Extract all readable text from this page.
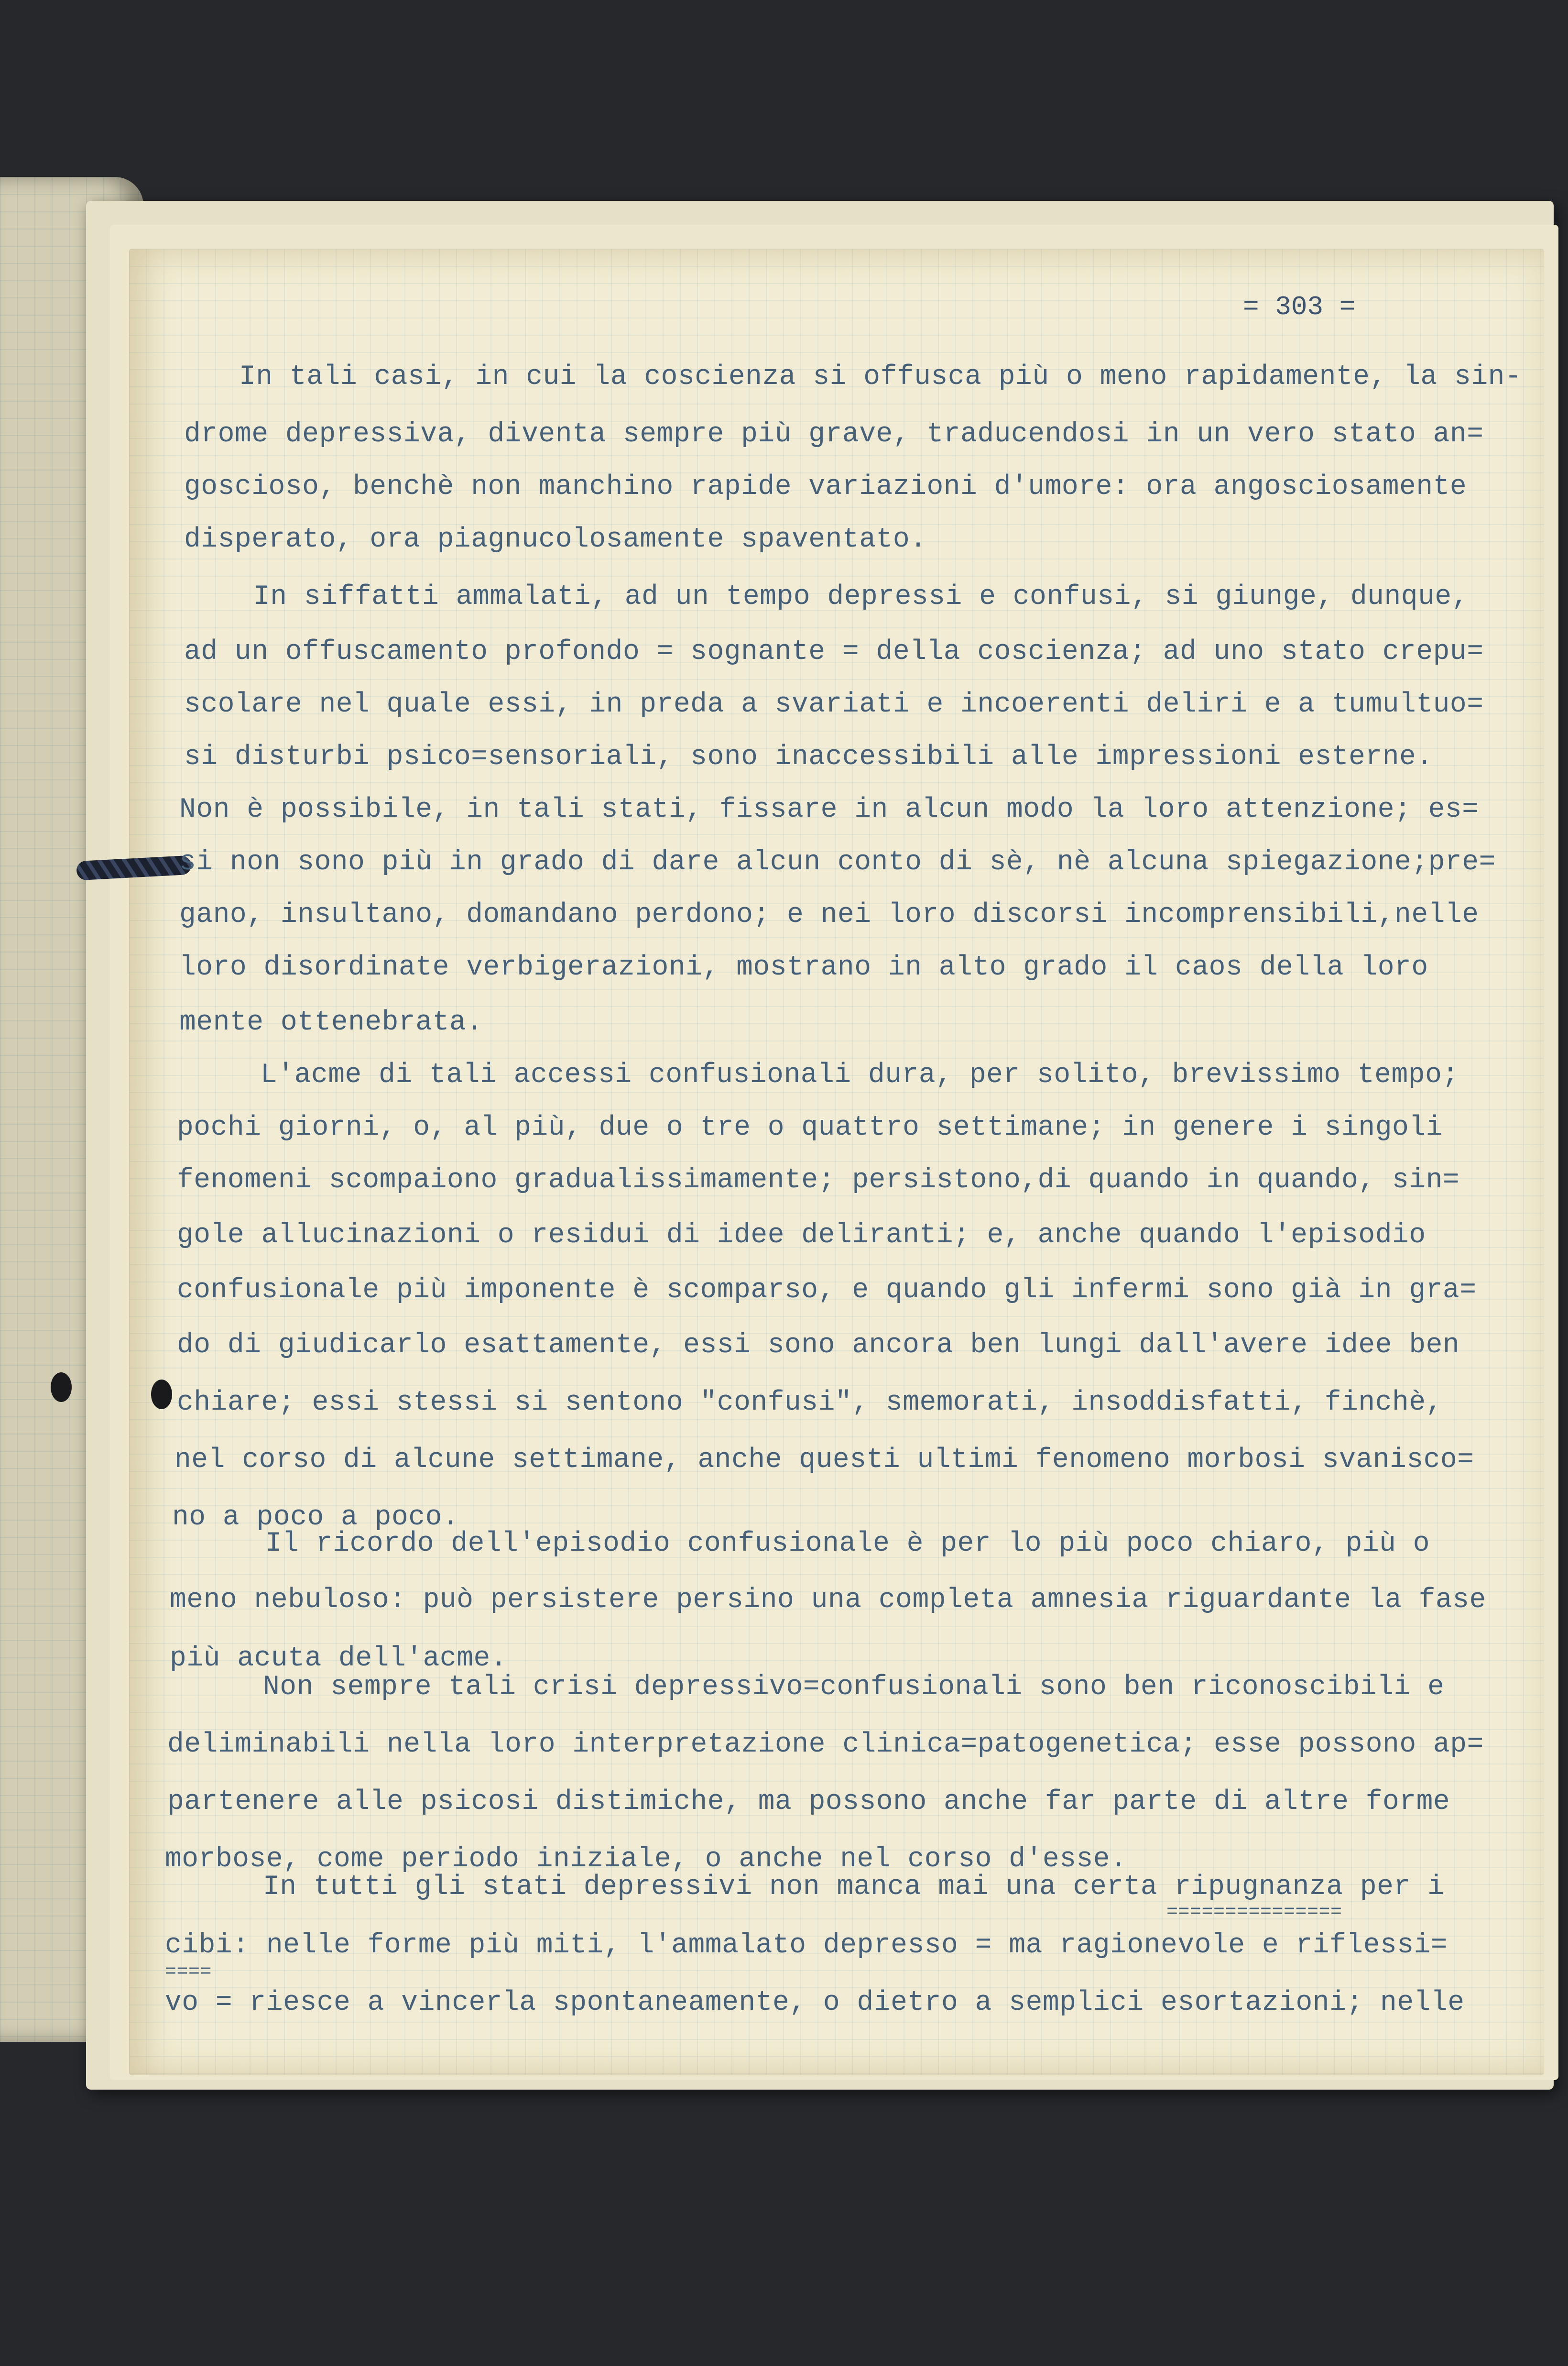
= 303 =

In tali casi, in cui la coscienza si offusca più o meno rapidamente, la sin-

drome depressiva, diventa sempre più grave, traducendosi in un vero stato an=

goscioso, benchè non manchino rapide variazioni d'umore: ora angosciosamente

disperato, ora piagnucolosamente spaventato.

In siffatti ammalati, ad un tempo depressi e confusi, si giunge, dunque,

ad un offuscamento profondo = sognante = della coscienza; ad uno stato crepu=

scolare nel quale essi, in preda a svariati e incoerenti deliri e a tumultuo=

si disturbi psico=sensoriali, sono inaccessibili alle impressioni esterne.

Non è possibile, in tali stati, fissare in alcun modo la loro attenzione; es=

si non sono più in grado di dare alcun conto di sè, nè alcuna spiegazione;pre=

gano, insultano, domandano perdono; e nei loro discorsi incomprensibili,nelle

loro disordinate verbigerazioni, mostrano in alto grado il caos della loro

mente ottenebrata.

L'acme di tali accessi confusionali dura, per solito, brevissimo tempo;

pochi giorni, o, al più, due o tre o quattro settimane; in genere i singoli

fenomeni scompaiono gradualissimamente; persistono,di quando in quando, sin=

gole allucinazioni o residui di idee deliranti; e, anche quando l'episodio

confusionale più imponente è scomparso, e quando gli infermi sono già in gra=

do di giudicarlo esattamente, essi sono ancora ben lungi dall'avere idee ben

chiare; essi stessi si sentono "confusi", smemorati, insoddisfatti, finchè,

nel corso di alcune settimane, anche questi ultimi fenomeno morbosi svanisco=

no a poco a poco.

Il ricordo dell'episodio confusionale è per lo più poco chiaro, più o

meno nebuloso: può persistere persino una completa amnesia riguardante la fase

più acuta dell'acme.

Non sempre tali crisi depressivo=confusionali sono ben riconoscibili e

deliminabili nella loro interpretazione clinica=patogenetica; esse possono ap=

partenere alle psicosi distimiche, ma possono anche far parte di altre forme

morbose, come periodo iniziale, o anche nel corso d'esse.

In tutti gli stati depressivi non manca mai una certa ripugnanza per i

===============

cibi: nelle forme più miti, l'ammalato depresso = ma ragionevole e riflessi=

====

vo = riesce a vincerla spontaneamente, o dietro a semplici esortazioni; nelle
